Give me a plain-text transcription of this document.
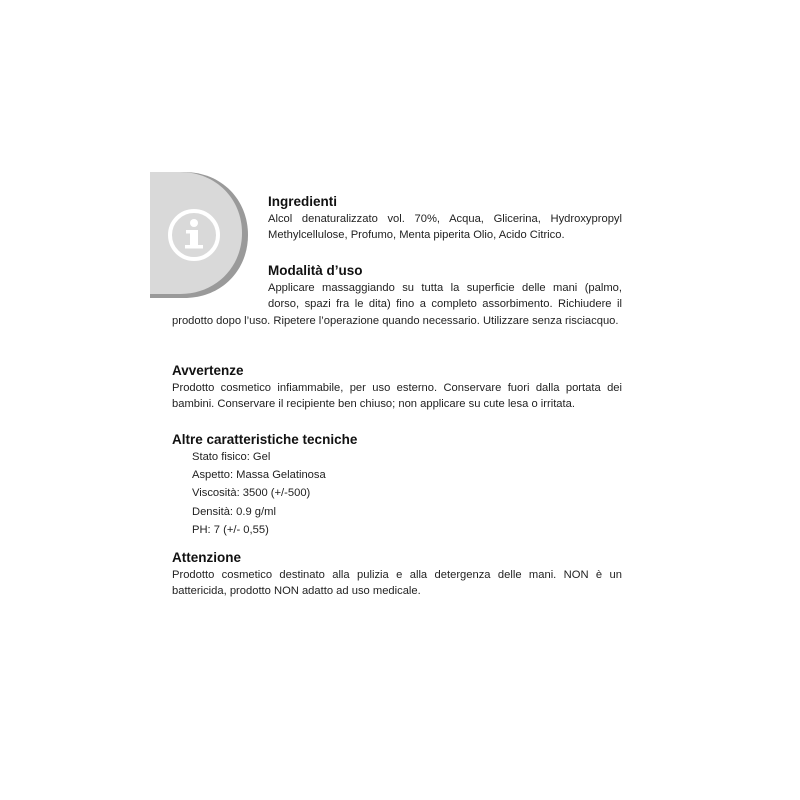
Ingredienti

Alcol denaturalizzato vol. 70%, Acqua, Glicerina, Hydroxypropyl Methylcellulose, Profumo, Menta piperita Olio, Acido Citrico.

Modalità d’uso

Applicare massaggiando su tutta la superficie delle mani (palmo,

dorso, spazi fra le dita) fino a completo assorbimento. Richiudere il

prodotto dopo l’uso. Ripetere l’operazione quando necessario. Utilizzare senza risciacquo.

Avvertenze

Prodotto cosmetico infiammabile, per uso esterno. Conservare fuori dalla portata dei bambini. Conservare il recipiente ben chiuso; non applicare su cute lesa o irritata.

Altre caratteristiche tecniche
Stato fisico: Gel
Aspetto: Massa Gelatinosa
Viscosità: 3500 (+/-500)
Densità: 0.9 g/ml
PH: 7 (+/- 0,55)
Attenzione

Prodotto cosmetico destinato alla pulizia e alla detergenza delle mani. NON è un battericida, prodotto NON adatto ad uso medicale.
